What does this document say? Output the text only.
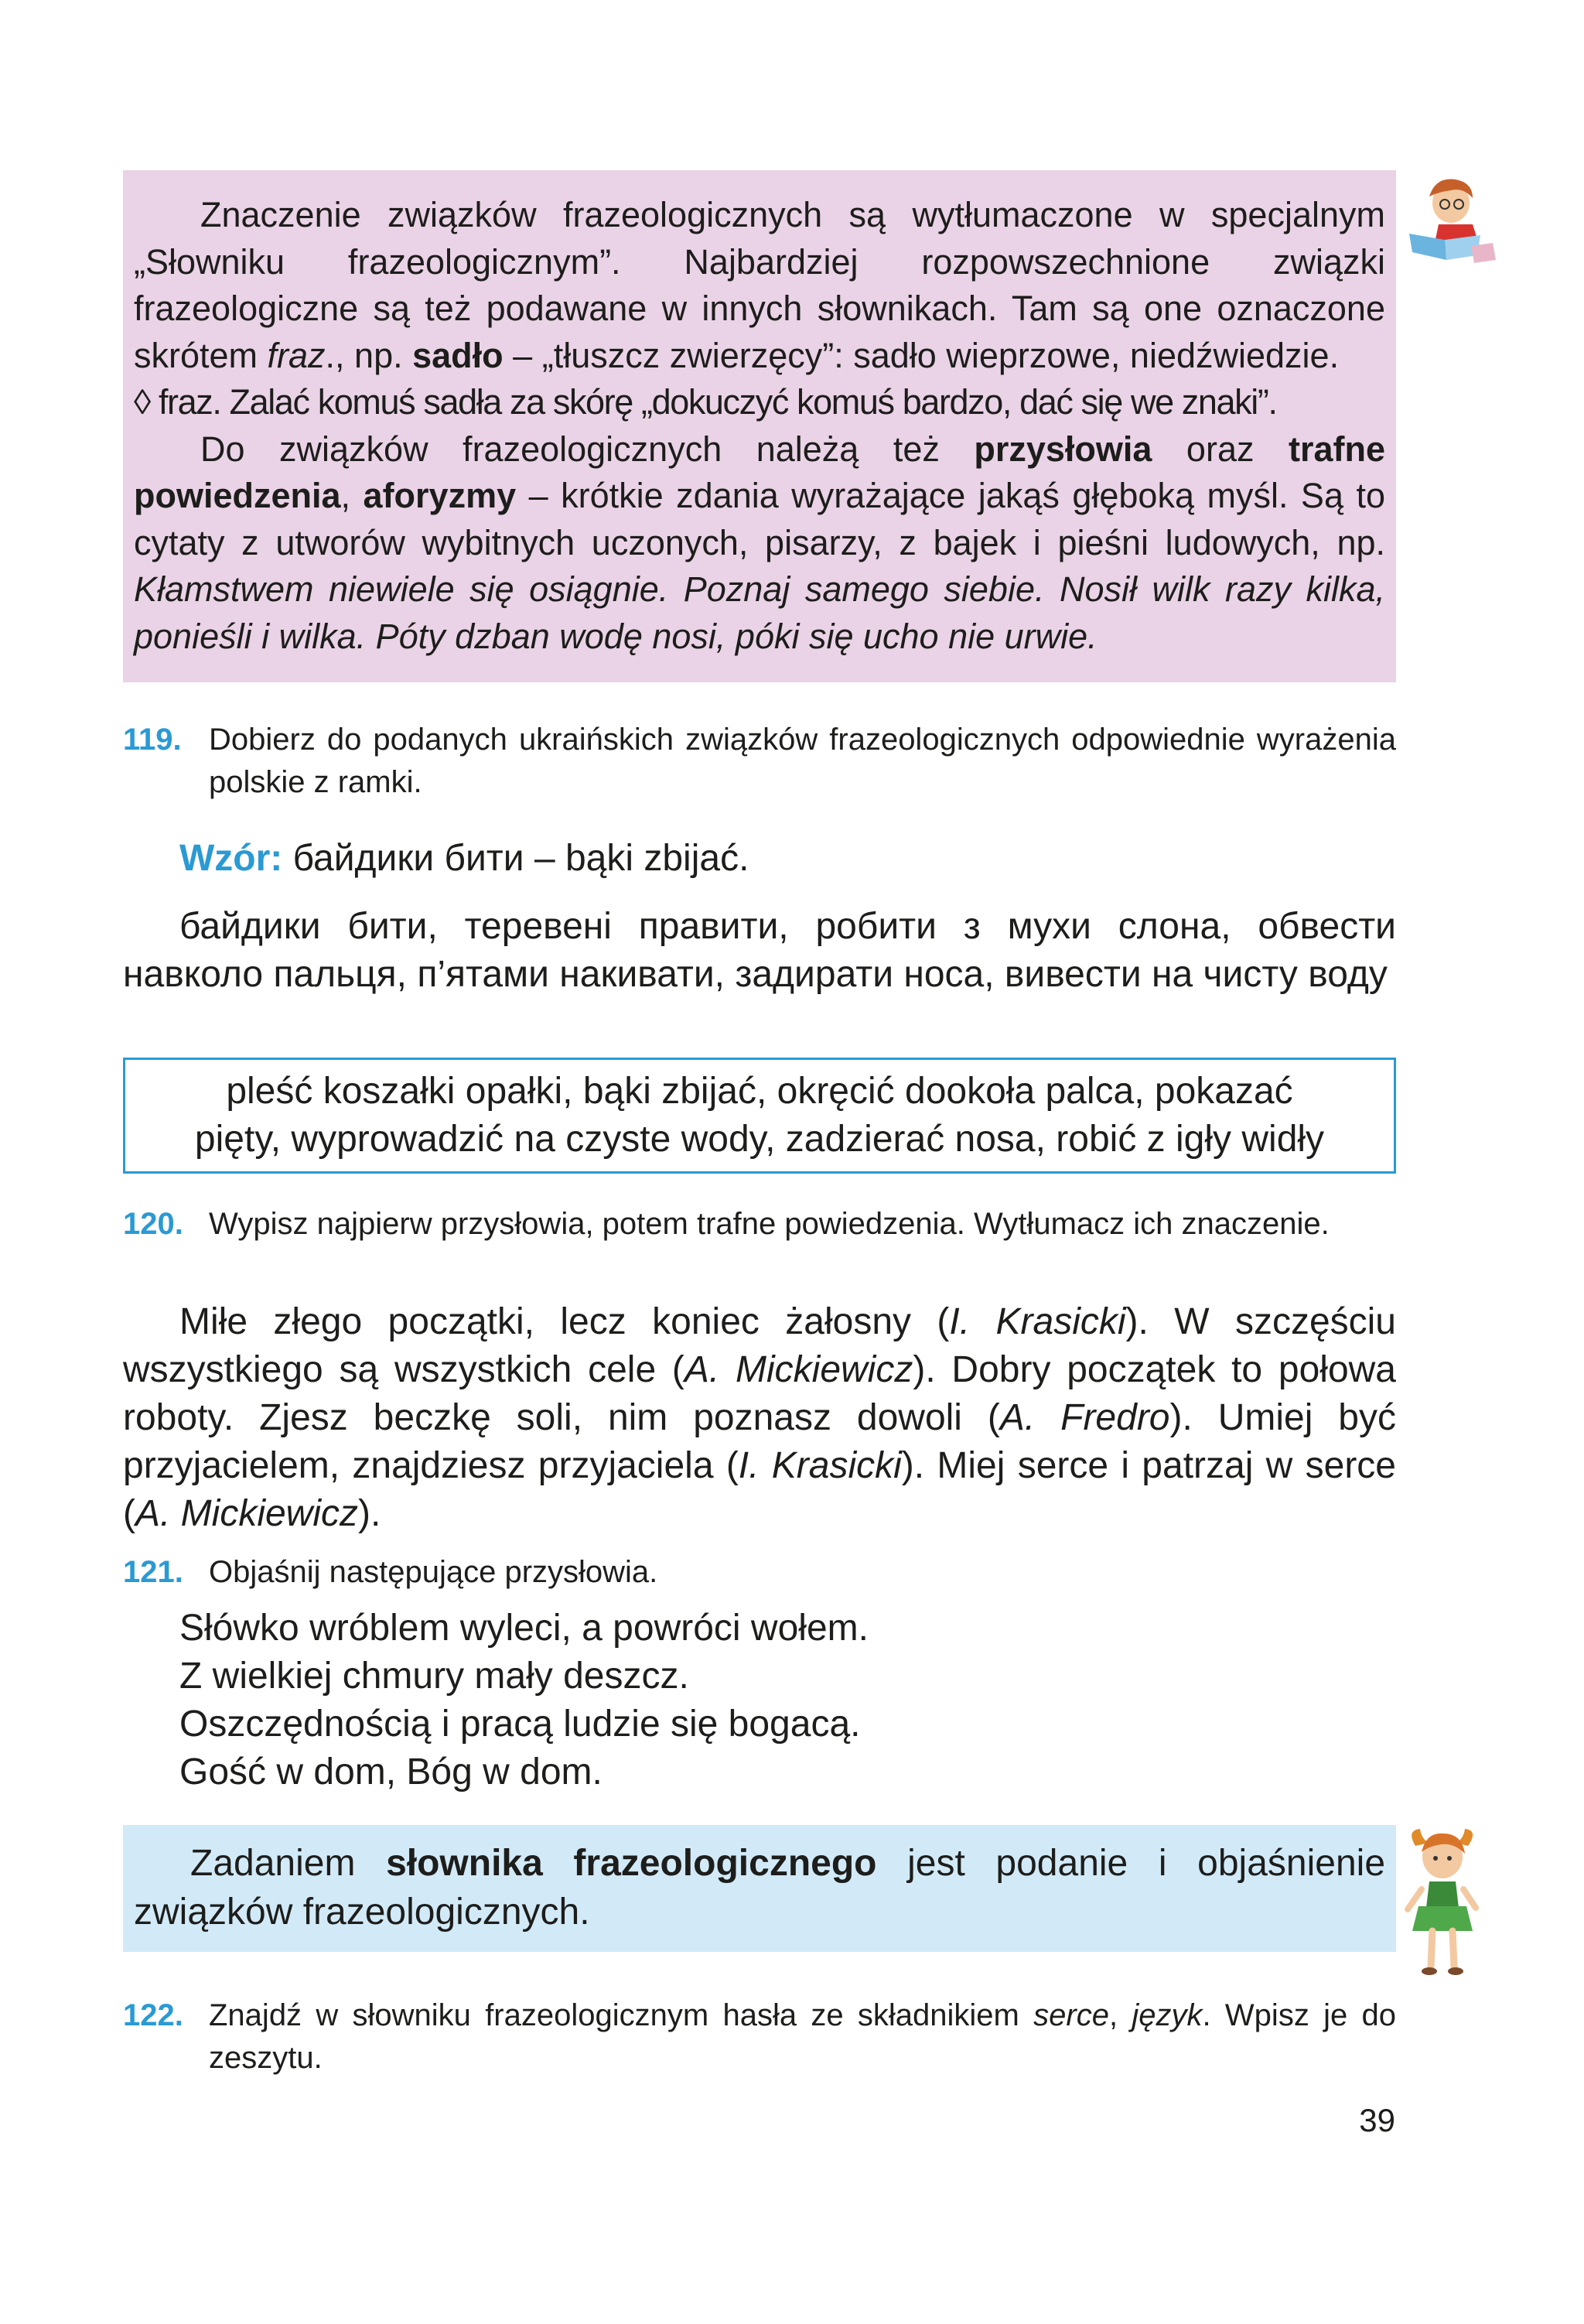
Znaczenie związków frazeologicznych są wytłumaczone w specjalnym „Słowniku frazeologicznym”. Najbardziej rozpowszechnione związki frazeologiczne są też podawane w innych słownikach. Tam są one oznaczone skrótem fraz., np. sadło – „tłuszcz zwierzęcy”: sadło wieprzowe, niedźwiedzie.

◊ fraz. Zalać komuś sadła za skórę „dokuczyć komuś bardzo, dać się we znaki”.

Do związków frazeologicznych należą też przysłowia oraz trafne powiedzenia, aforyzmy – krótkie zdania wyrażające jakąś głęboką myśl. Są to cytaty z utworów wybitnych uczonych, pisarzy, z bajek i pieśni ludowych, np. Kłamstwem niewiele się osiągnie. Poznaj samego siebie. Nosił wilk razy kilka, ponieśli i wilka. Póty dzban wodę nosi, póki się ucho nie urwie.

119. Dobierz do podanych ukraińskich związków frazeologicznych odpowiednie wyrażenia polskie z ramki.
Wzór: байдики бити – bąki zbijać.
байдики бити, теревені правити, робити з мухи слона, обвести навколо пальця, п’ятами накивати, задирати носа, вивести на чисту воду
pleść koszałki opałki, bąki zbijać, okręcić dookoła palca, pokazać
pięty, wyprowadzić na czyste wody, zadzierać nosa, robić z igły widły
120. Wypisz najpierw przysłowia, potem trafne powiedzenia. Wytłumacz ich znaczenie.
Miłe złego początki, lecz koniec żałosny (I. Krasicki). W szczęściu wszystkiego są wszystkich cele (A. Mickiewicz). Dobry początek to połowa roboty. Zjesz beczkę soli, nim poznasz dowoli (A. Fredro). Umiej być przyjacielem, znajdziesz przyjaciela (I. Krasicki). Miej serce i patrzaj w serce (A. Mickiewicz).
121. Objaśnij następujące przysłowia.
Słówko wróblem wyleci, a powróci wołem.
Z wielkiej chmury mały deszcz.
Oszczędnością i pracą ludzie się bogacą.
Gość w dom, Bóg w dom.
Zadaniem słownika frazeologicznego jest podanie i objaśnienie związków frazeologicznych.
122. Znajdź w słowniku frazeologicznym hasła ze składnikiem serce, język. Wpisz je do zeszytu.
39
